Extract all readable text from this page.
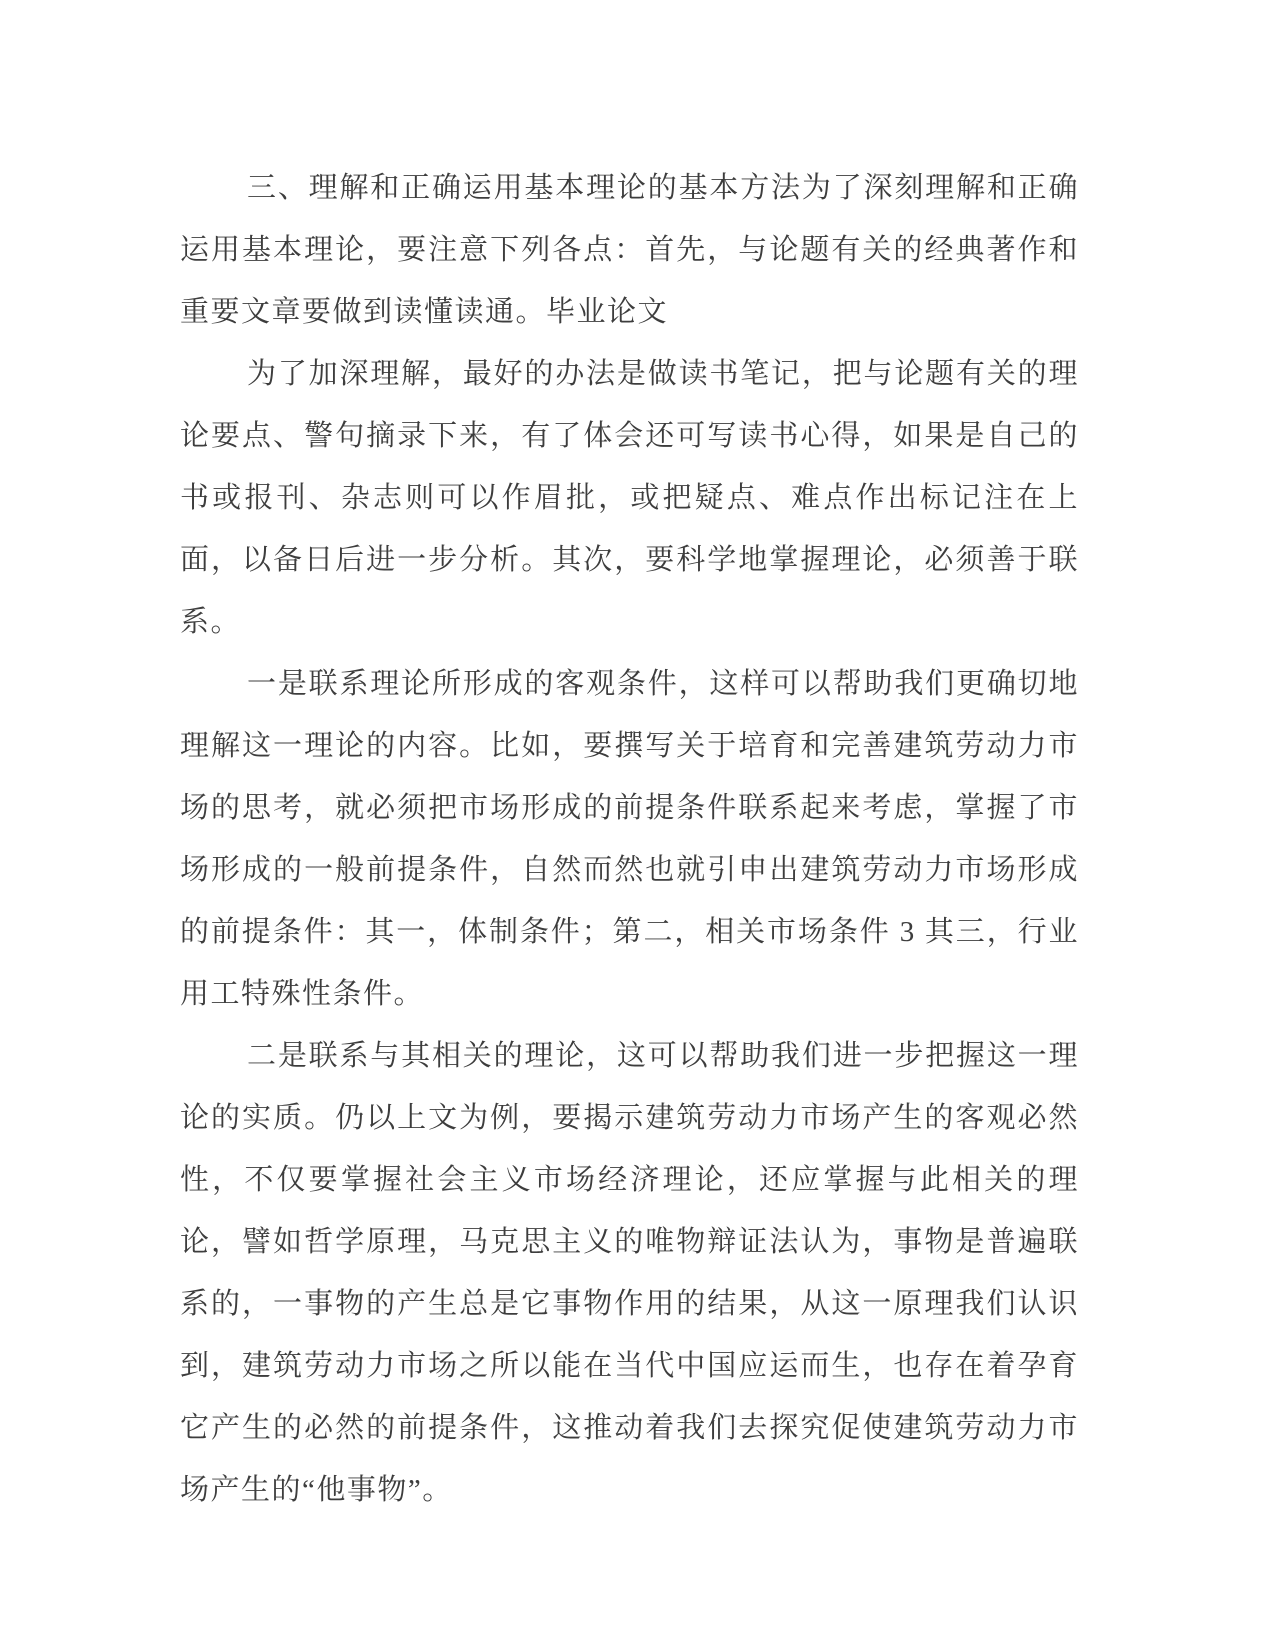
三、理解和正确运用基本理论的基本方法为了深刻理解和正确运用基本理论，要注意下列各点：首先，与论题有关的经典著作和重要文章要做到读懂读通。毕业论文

为了加深理解，最好的办法是做读书笔记，把与论题有关的理论要点、警句摘录下来，有了体会还可写读书心得，如果是自己的书或报刊、杂志则可以作眉批，或把疑点、难点作出标记注在上面，以备日后进一步分析。其次，要科学地掌握理论，必须善于联系。

一是联系理论所形成的客观条件，这样可以帮助我们更确切地理解这一理论的内容。比如，要撰写关于培育和完善建筑劳动力市场的思考，就必须把市场形成的前提条件联系起来考虑，掌握了市场形成的一般前提条件，自然而然也就引申出建筑劳动力市场形成的前提条件：其一，体制条件；第二，相关市场条件 3 其三，行业用工特殊性条件。

二是联系与其相关的理论，这可以帮助我们进一步把握这一理论的实质。仍以上文为例，要揭示建筑劳动力市场产生的客观必然性，不仅要掌握社会主义市场经济理论，还应掌握与此相关的理论，譬如哲学原理，马克思主义的唯物辩证法认为，事物是普遍联系的，一事物的产生总是它事物作用的结果，从这一原理我们认识到，建筑劳动力市场之所以能在当代中国应运而生，也存在着孕育它产生的必然的前提条件，这推动着我们去探究促使建筑劳动力市场产生的“他事物”。
